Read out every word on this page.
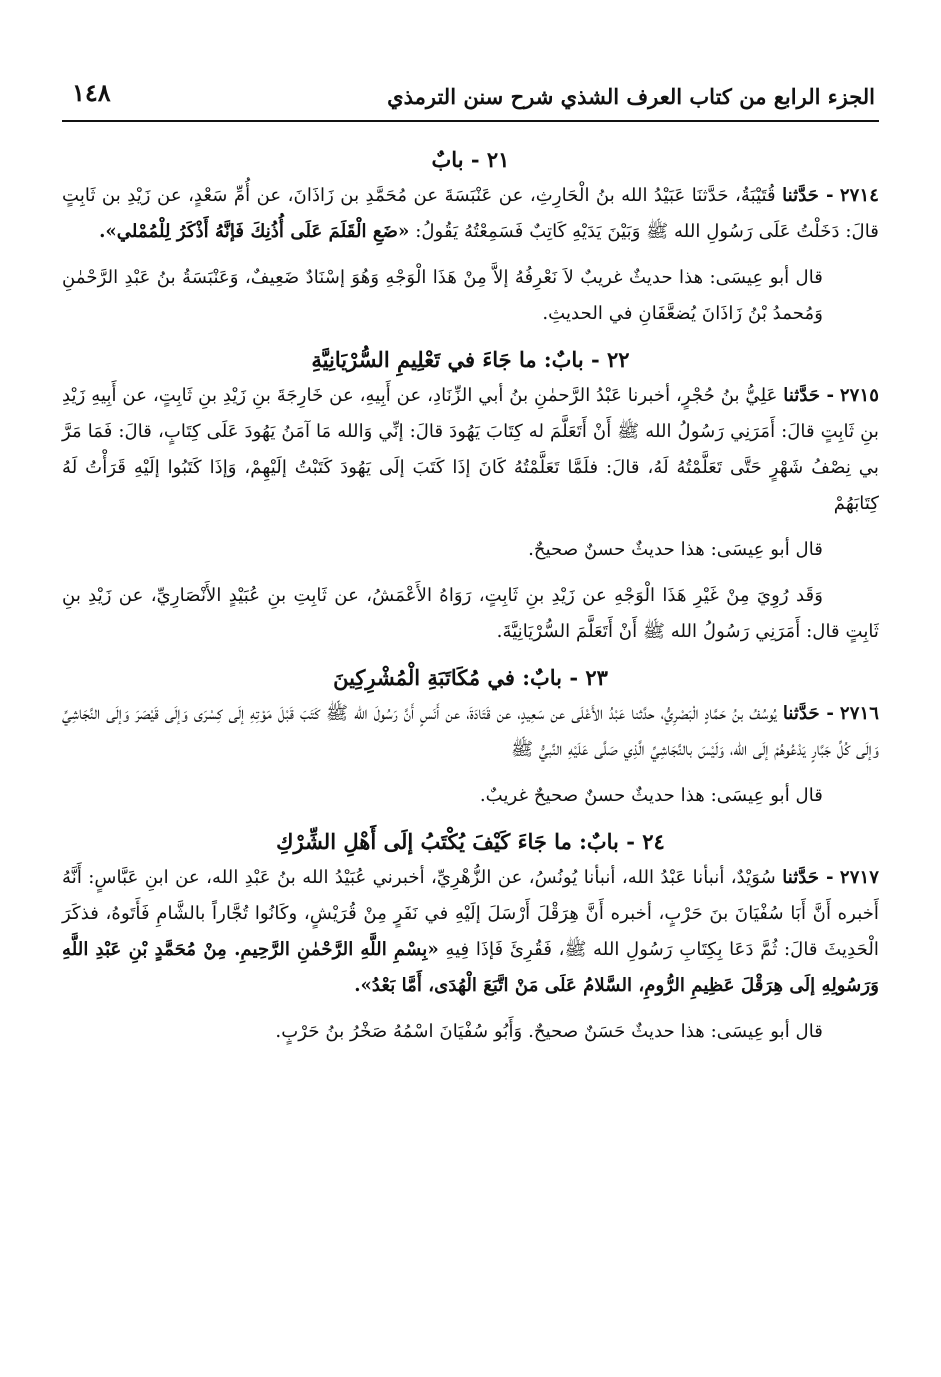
الجزء الرابع من كتاب العرف الشذي شرح سنن الترمذي
١٤٨
٢١ - بابٌ

٢٧١٤ - حَدَّثنا قُتَيْبَةُ، حَدَّثنَا عَبَيْدُ الله بنُ الْحَارِثِ، عن عَنْبَسَةَ عن مُحَمَّدِ بن زَاذَانَ، عن أُمِّ سَعْدٍ، عن زَيْدِ بن ثَابِتٍ قالَ: دَخَلْتُ عَلَى رَسُولِ الله ﷺ وَبَيْنَ يَدَيْهِ كَاتِبٌ فَسَمِعْتُهُ يَقُولُ: «ضَعِ الْقَلَمَ عَلَى أُذُنِكَ فَإنَّهُ أَذْكَرُ لِلْمُمْلي».

قال أبو عِيسَى: هذا حديثٌ غريبٌ لاَ نَعْرِفُهُ إلاَّ مِنْ هَذَا الْوَجْهِ وَهُوَ إسْنَادٌ ضَعِيفٌ، وَعَنْبَسَةُ بنُ عَبْدِ الرَّحْمٰنِ وَمُحمدُ بْنُ زَاذَانَ يُضعَّفَانِ في الحديثِ.

٢٢ - بابٌ: ما جَاءَ في تَعْلِيمِ السُّرْيَانِيَّةِ

٢٧١٥ - حَدَّثنا عَلِيُّ بنُ حُجْرٍ، أخبرنا عَبْدُ الرَّحمٰنِ بنُ أبي الزِّنَادِ، عن أَبِيهِ، عن خَارِجَةَ بنِ زَيْدِ بنِ ثَابِتٍ، عن أَبِيهِ زَيْدِ بنِ ثَابِتٍ قالَ: أَمَرَنِي رَسُولُ الله ﷺ أَنْ أَتَعَلَّمَ له كِتَابَ يَهُودَ قالَ: إنِّي وَالله مَا آمَنُ يَهُودَ عَلَى كِتَابٍ، قالَ: فَمَا مَرَّ بي نِصْفُ شَهْرٍ حَتَّى تَعَلَّمْتُهُ لَهُ، قالَ: فلَمَّا تَعَلَّمْتُهُ كَانَ إذَا كَتَبَ إلَى يَهُودَ كَتَبْتُ إلَيْهِمْ، وَإذَا كَتَبُوا إلَيْهِ قَرَأْتُ لَهُ كِتَابَهُمْ

قال أبو عِيسَى: هذا حديثٌ حسنٌ صحيحٌ.

وَقَد رُوِيَ مِنْ غَيْرِ هَذَا الْوَجْهِ عن زَيْدِ بنِ ثَابِتٍ، رَوَاهُ الأَعْمَشُ، عن ثَابِتِ بنِ عُبَيْدٍ الأَنْصَارِيِّ، عن زَيْدِ بنِ ثَابِتٍ قال: أَمَرَنِي رَسُولُ الله ﷺ أَنْ أَتَعَلَّمَ السُّرْيَانِيَّةَ.

٢٣ - بابٌ: في مُكَاتَبَةِ الْمُشْرِكِينَ

٢٧١٦ - حَدَّثنا يُوسُفُ بنُ حَمَّادٍ الْبَصْرِيُّ، حدَّثنا عَبْدُ الأَعْلَى عن سَعِيدٍ، عن قَتَادَةَ، عن أَنَسٍ أَنَّ رَسُولَ الله ﷺ كَتَبَ قَبْلَ مَوْتِهِ إلَى كِسْرَى وَإلَى قَيْصَرَ وَإلَى النَّجَاشِيِّ وَإلَى كُلِّ جَبَّارٍ يَدْعُوهُمْ إلَى الله، وَلَيْسَ بالنَّجَاشِيِّ الَّذِي صَلَّى عَلَيْهِ النَّبيُّ ﷺ

قال أبو عِيسَى: هذا حديثٌ حسنٌ صحيحٌ غريبٌ.

٢٤ - بابٌ: ما جَاءَ كَيْفَ يُكْتَبُ إلَى أَهْلِ الشِّرْكِ

٢٧١٧ - حَدَّثنا سُوَيْدٌ، أنبأنا عَبْدُ الله، أنبأنا يُونُسُ، عن الزُّهْرِيِّ، أخبرني عُبَيْدُ الله بنُ عَبْدِ الله، عن ابنِ عَبَّاسٍ: أَنَّهُ أَخبره أَنَّ أَبَا سُفْيَانَ بنَ حَرْبٍ، أخبره أَنَّ هِرَقْلَ أَرْسَلَ إلَيْهِ في نَفَرٍ مِنْ قُرَيْشٍ، وكَانُوا تُجَّاراً بالشَّامِ فَأَتَوهُ، فذكَرَ الْحَدِيثَ قالَ: ثُمَّ دَعَا بِكِتَابِ رَسُولِ الله ﷺ، فَقُرِئَ فَإذَا فِيهِ «بِسْمِ اللَّهِ الرَّحْمٰنِ الرَّحِيمِ. مِنْ مُحَمَّدٍ بْنِ عَبْدِ اللَّهِ وَرَسُولِهِ إلَى هِرَقْلَ عَظِيمِ الرُّومِ، السَّلامُ عَلَى مَنْ اتَّبَعَ الْهُدَى، أَمَّا بَعْدُ».

قال أبو عِيسَى: هذا حديثٌ حَسَنٌ صحيحٌ. وَأَبُو سُفْيَانَ اسْمُهُ صَخْرُ بنُ حَرْبٍ.
